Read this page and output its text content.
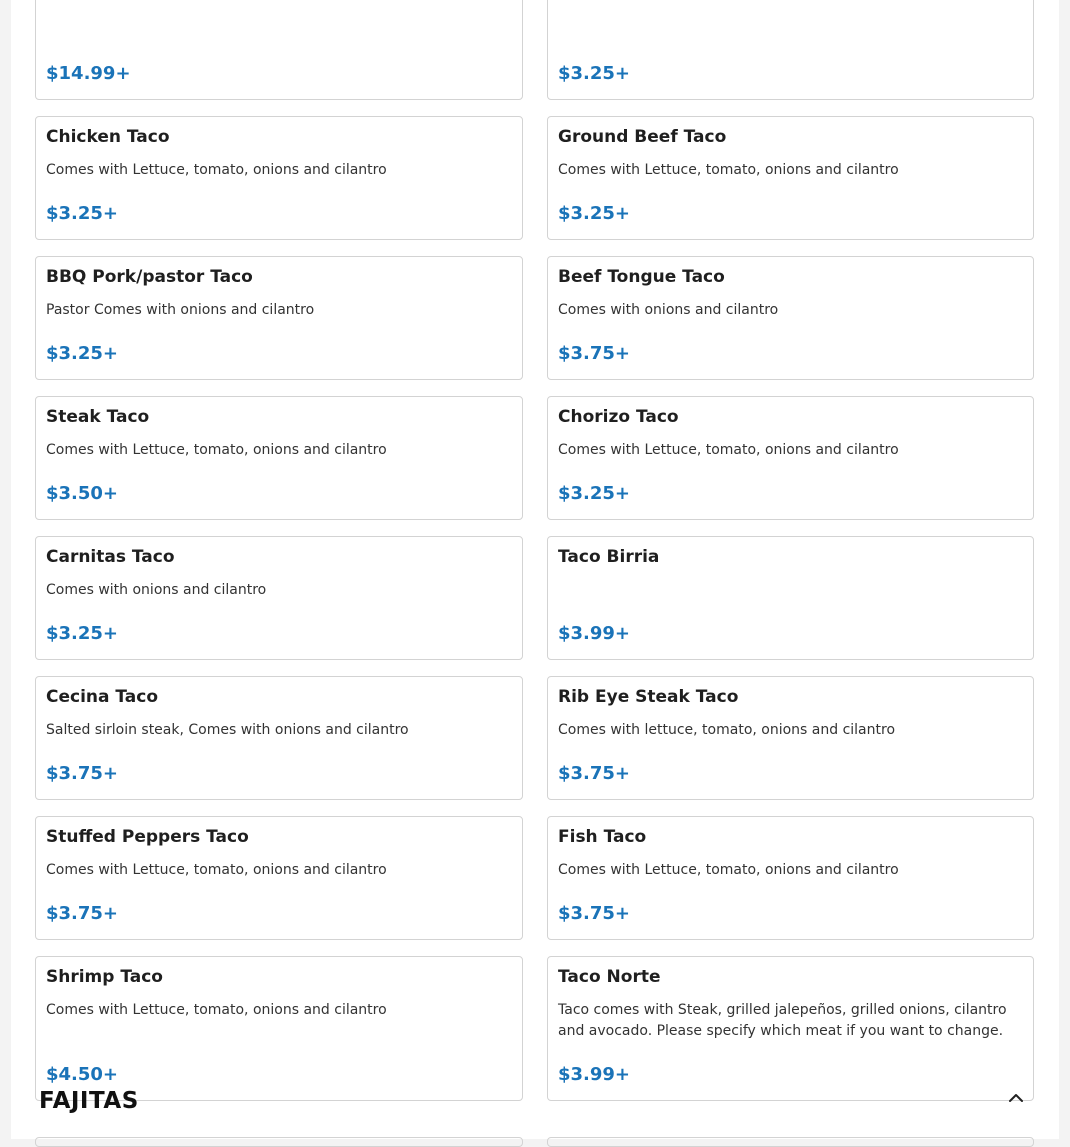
$14.99+	$3.25+
Chicken Taco
Comes with Lettuce, tomato, onions and cilantro
$3.25+
Ground Beef Taco
Comes with Lettuce, tomato, onions and cilantro
$3.25+
BBQ Pork/pastor Taco
Pastor Comes with onions and cilantro
$3.25+
Beef Tongue Taco
Comes with onions and cilantro
$3.75+
Steak Taco
Comes with Lettuce, tomato, onions and cilantro
$3.50+
Chorizo Taco
Comes with Lettuce, tomato, onions and cilantro
$3.25+
Carnitas Taco
Comes with onions and cilantro
$3.25+
Taco Birria
$3.99+
Cecina Taco
Salted sirloin steak, Comes with onions and cilantro
$3.75+
Rib Eye Steak Taco
Comes with lettuce, tomato, onions and cilantro
$3.75+
Stuffed Peppers Taco
Comes with Lettuce, tomato, onions and cilantro
$3.75+
Fish Taco
Comes with Lettuce, tomato, onions and cilantro
$3.75+
Shrimp Taco
Comes with Lettuce, tomato, onions and cilantro
$4.50+
Taco Norte
Taco comes with Steak, grilled jalepeños, grilled onions, cilantro and avocado. Please specify which meat if you want to change.
$3.99+
FAJITAS
